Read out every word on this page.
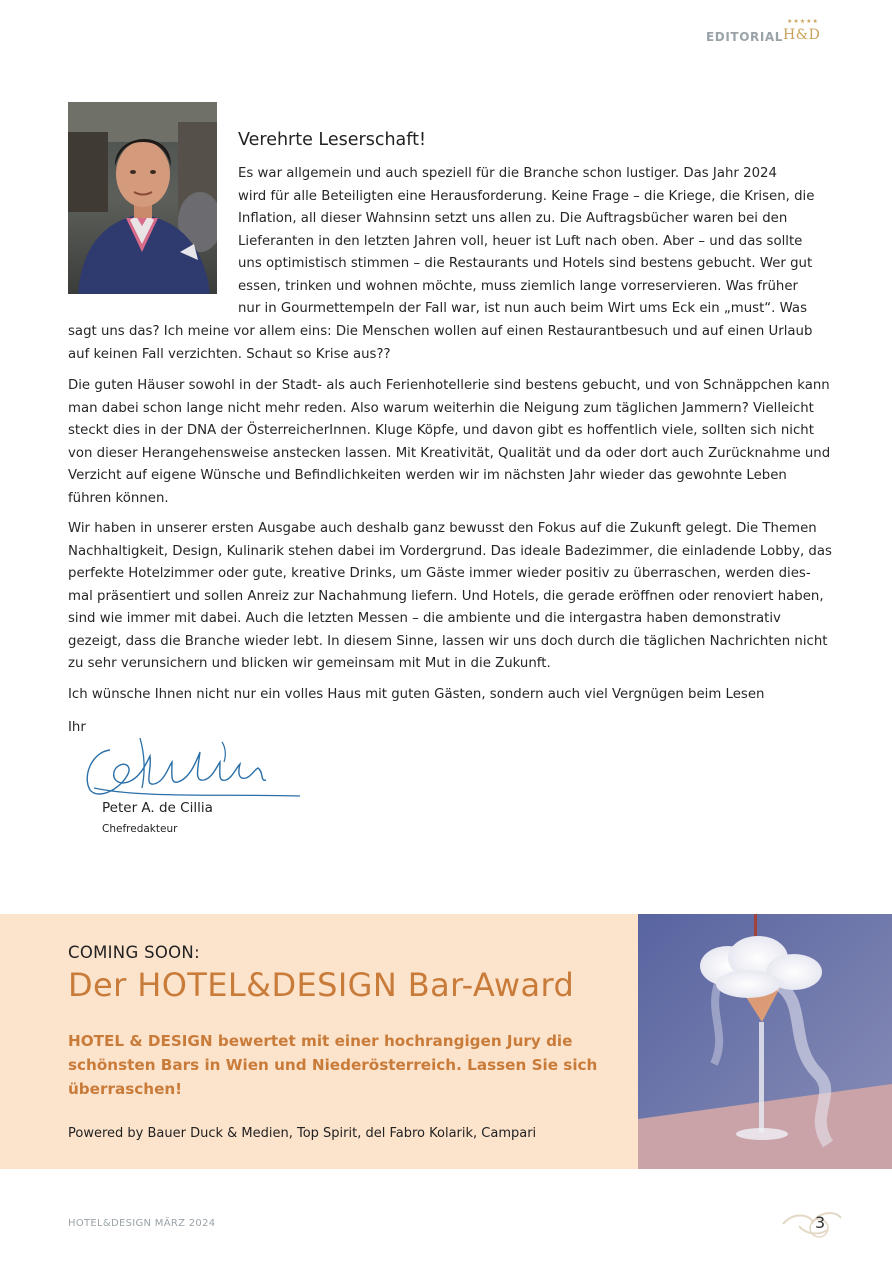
EDITORIAL
★★★★★
H&D
Verehrte Leserschaft!
Es war allgemein und auch speziell für die Branche schon lustiger. Das Jahr 2024
wird für alle Beteiligten eine Herausforderung. Keine Frage – die Kriege, die Krisen, die
Inflation, all dieser Wahnsinn setzt uns allen zu. Die Auftragsbücher waren bei den
Lieferanten in den letzten Jahren voll, heuer ist Luft nach oben. Aber – und das sollte
uns optimistisch stimmen – die Restaurants und Hotels sind bestens gebucht. Wer gut
essen, trinken und wohnen möchte, muss ziemlich lange vorreservieren. Was früher
nur in Gourmettempeln der Fall war, ist nun auch beim Wirt ums Eck ein „must“. Was
sagt uns das? Ich meine vor allem eins: Die Menschen wollen auf einen Restaurantbesuch und auf einen Urlaub
auf keinen Fall verzichten. Schaut so Krise aus??
Die guten Häuser sowohl in der Stadt- als auch Ferienhotellerie sind bestens gebucht, und von Schnäppchen kann
man dabei schon lange nicht mehr reden. Also warum weiterhin die Neigung zum täglichen Jammern? Vielleicht
steckt dies in der DNA der ÖsterreicherInnen. Kluge Köpfe, und davon gibt es hoffentlich viele, sollten sich nicht
von dieser Herangehensweise anstecken lassen. Mit Kreativität, Qualität und da oder dort auch Zurücknahme und
Verzicht auf eigene Wünsche und Befindlichkeiten werden wir im nächsten Jahr wieder das gewohnte Leben
führen können.
Wir haben in unserer ersten Ausgabe auch deshalb ganz bewusst den Fokus auf die Zukunft gelegt. Die Themen
Nachhaltigkeit, Design, Kulinarik stehen dabei im Vordergrund. Das ideale Badezimmer, die einladende Lobby, das
perfekte Hotelzimmer oder gute, kreative Drinks, um Gäste immer wieder positiv zu überraschen, werden dies-
mal präsentiert und sollen Anreiz zur Nachahmung liefern. Und Hotels, die gerade eröffnen oder renoviert haben,
sind wie immer mit dabei. Auch die letzten Messen – die ambiente und die intergastra haben demonstrativ
gezeigt, dass die Branche wieder lebt. In diesem Sinne, lassen wir uns doch durch die täglichen Nachrichten nicht
zu sehr verunsichern und blicken wir gemeinsam mit Mut in die Zukunft.
Ich wünsche Ihnen nicht nur ein volles Haus mit guten Gästen, sondern auch viel Vergnügen beim Lesen
Ihr
Peter A. de Cillia
Chefredakteur
COMING SOON:
Der HOTEL&DESIGN Bar-Award
HOTEL & DESIGN bewertet mit einer hochrangigen Jury die
schönsten Bars in Wien und Niederösterreich. Lassen Sie sich
überraschen!
Powered by Bauer Duck & Medien, Top Spirit, del Fabro Kolarik, Campari
HOTEL&DESIGN MÄRZ 2024	3
